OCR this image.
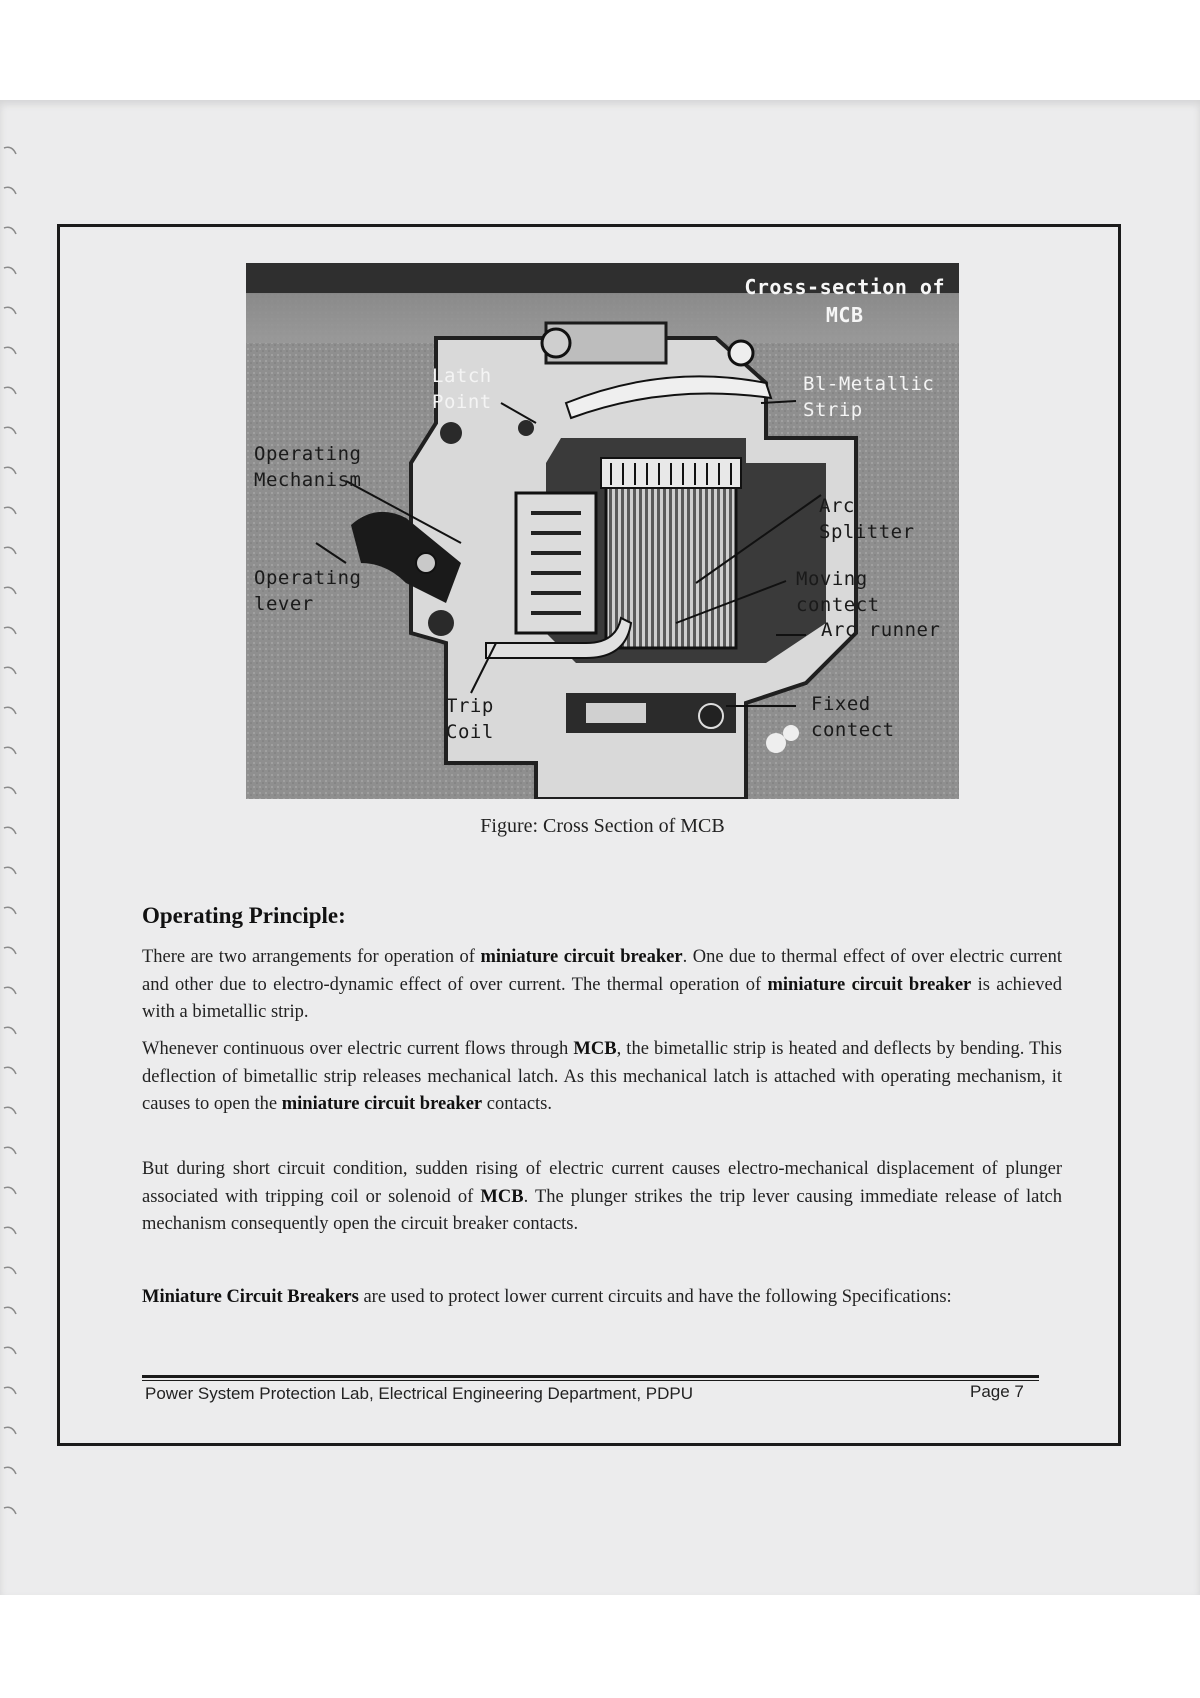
Cross-section of
MCB
Latch
Point
Bl-Metallic
Strip
Operating
Mechanism
Arc Splitter
Operating
lever
Moving contect
Arc runner
Trip
Coil
Fixed contect
Figure: Cross Section of MCB
Operating Principle:
There are two arrangements for operation of miniature circuit breaker. One due to thermal effect of over electric current and other due to electro-dynamic effect of over current. The thermal operation of miniature circuit breaker is achieved with a bimetallic strip.
Whenever continuous over electric current flows through MCB, the bimetallic strip is heated and deflects by bending. This deflection of bimetallic strip releases mechanical latch. As this mechanical latch is attached with operating mechanism, it causes to open the miniature circuit breaker contacts.
But during short circuit condition, sudden rising of electric current causes electro-mechanical displacement of plunger associated with tripping coil or solenoid of MCB. The plunger strikes the trip lever causing immediate release of latch mechanism consequently open the circuit breaker contacts.
Miniature Circuit Breakers are used to protect lower current circuits and have the following Specifications:
Power System Protection Lab, Electrical Engineering Department, PDPU	Page 7
